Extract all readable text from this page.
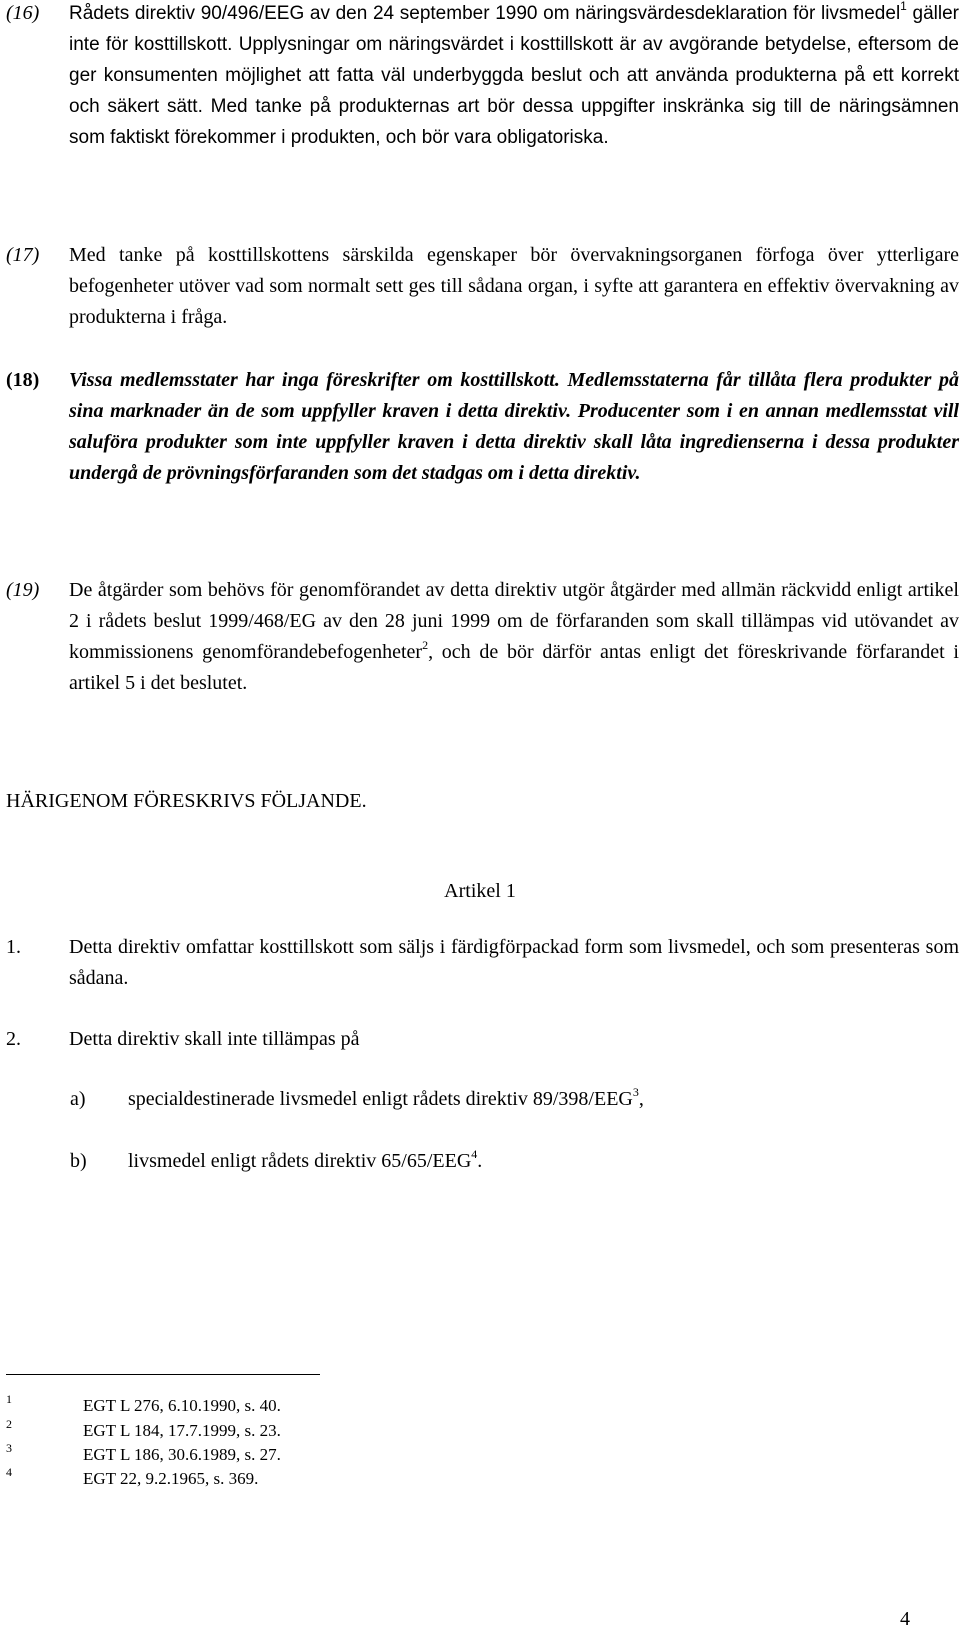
(16) Rådets direktiv 90/496/EEG av den 24 september 1990 om näringsvärdesdeklaration för livsmedel$^1$ gäller inte för kosttillskott. Upplysningar om näringsvärdet i kosttillskott är av avgörande betydelse, eftersom de ger konsumenten möjlighet att fatta väl underbyggda beslut och att använda produkterna på ett korrekt och säkert sätt. Med tanke på produkternas art bör dessa uppgifter inskränka sig till de näringsämnen som faktiskt förekommer i produkten, och bör vara obligatoriska.
(17) Med tanke på kosttillskottens särskilda egenskaper bör övervakningsorganen förfoga över ytterligare befogenheter utöver vad som normalt sett ges till sådana organ, i syfte att garantera en effektiv övervakning av produkterna i fråga.
(18) Vissa medlemsstater har inga föreskrifter om kosttillskott. Medlemsstaterna får tillåta flera produkter på sina marknader än de som uppfyller kraven i detta direktiv. Producenter som i en annan medlemsstat vill saluföra produkter som inte uppfyller kraven i detta direktiv skall låta ingredienserna i dessa produkter undergå de prövningsförfaranden som det stadgas om i detta direktiv.
(19) De åtgärder som behövs för genomförandet av detta direktiv utgör åtgärder med allmän räckvidd enligt artikel 2 i rådets beslut 1999/468/EG av den 28 juni 1999 om de förfaranden som skall tillämpas vid utövandet av kommissionens genomförandebefogenheter$^2$, och de bör därför antas enligt det föreskrivande förfarandet i artikel 5 i det beslutet.
HÄRIGENOM FÖRESKRIVS FÖLJANDE.
Artikel 1
1. Detta direktiv omfattar kosttillskott som säljs i färdigförpackad form som livsmedel, och som presenteras som sådana.
2. Detta direktiv skall inte tillämpas på
a) specialdestinerade livsmedel enligt rådets direktiv 89/398/EEG$^3$,
b) livsmedel enligt rådets direktiv 65/65/EEG$^4$.
1	EGT L 276, 6.10.1990, s. 40.
2	EGT L 184, 17.7.1999, s. 23.
3	EGT L 186, 30.6.1989, s. 27.
4	EGT 22, 9.2.1965, s. 369.
4
